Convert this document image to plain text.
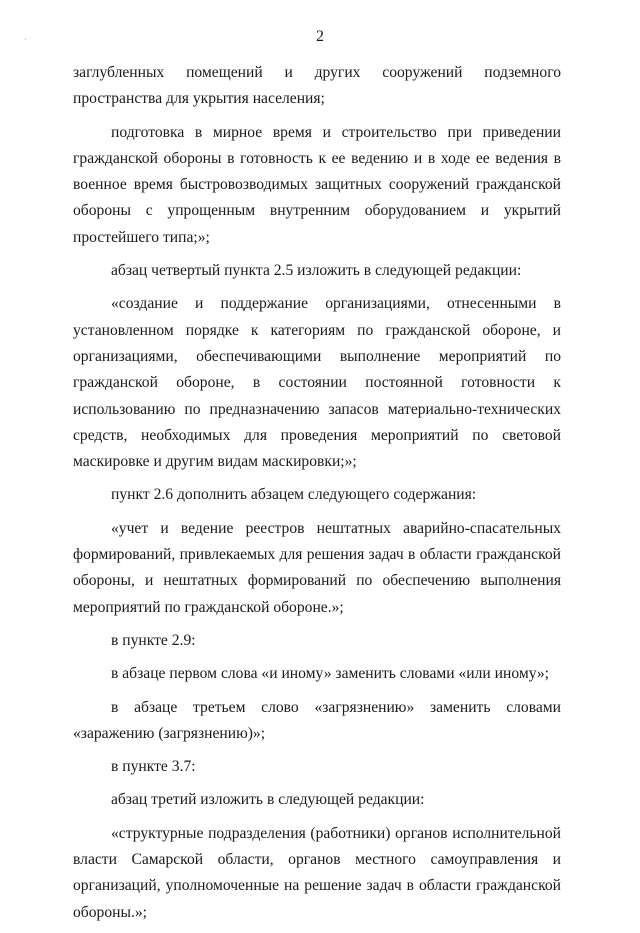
·	2

заглубленных помещений и других сооружений подземного пространства для укрытия населения;

подготовка в мирное время и строительство при приведении гражданской обороны в готовность к ее ведению и в ходе ее ведения в военное время быстровозводимых защитных сооружений гражданской обороны с упрощенным внутренним оборудованием и укрытий простейшего типа;»;

абзац четвертый пункта 2.5 изложить в следующей редакции:

«создание и поддержание организациями, отнесенными в установленном порядке к категориям по гражданской обороне, и организациями, обеспечивающими выполнение мероприятий по гражданской обороне, в состоянии постоянной готовности к использованию по предназначению запасов материально-технических средств, необходимых для проведения мероприятий по световой маскировке и другим видам маскировки;»;

пункт 2.6 дополнить абзацем следующего содержания:

«учет и ведение реестров нештатных аварийно-спасательных формирований, привлекаемых для решения задач в области гражданской обороны, и нештатных формирований по обеспечению выполнения мероприятий по гражданской обороне.»;

в пункте 2.9:

в абзаце первом слова «и иному» заменить словами «или иному»;

в абзаце третьем слово «загрязнению» заменить словами «заражению (загрязнению)»;

в пункте 3.7:

абзац третий изложить в следующей редакции:

«структурные подразделения (работники) органов исполнительной власти Самарской области, органов местного самоуправления и организаций, уполномоченные на решение задач в области гражданской обороны.»;
